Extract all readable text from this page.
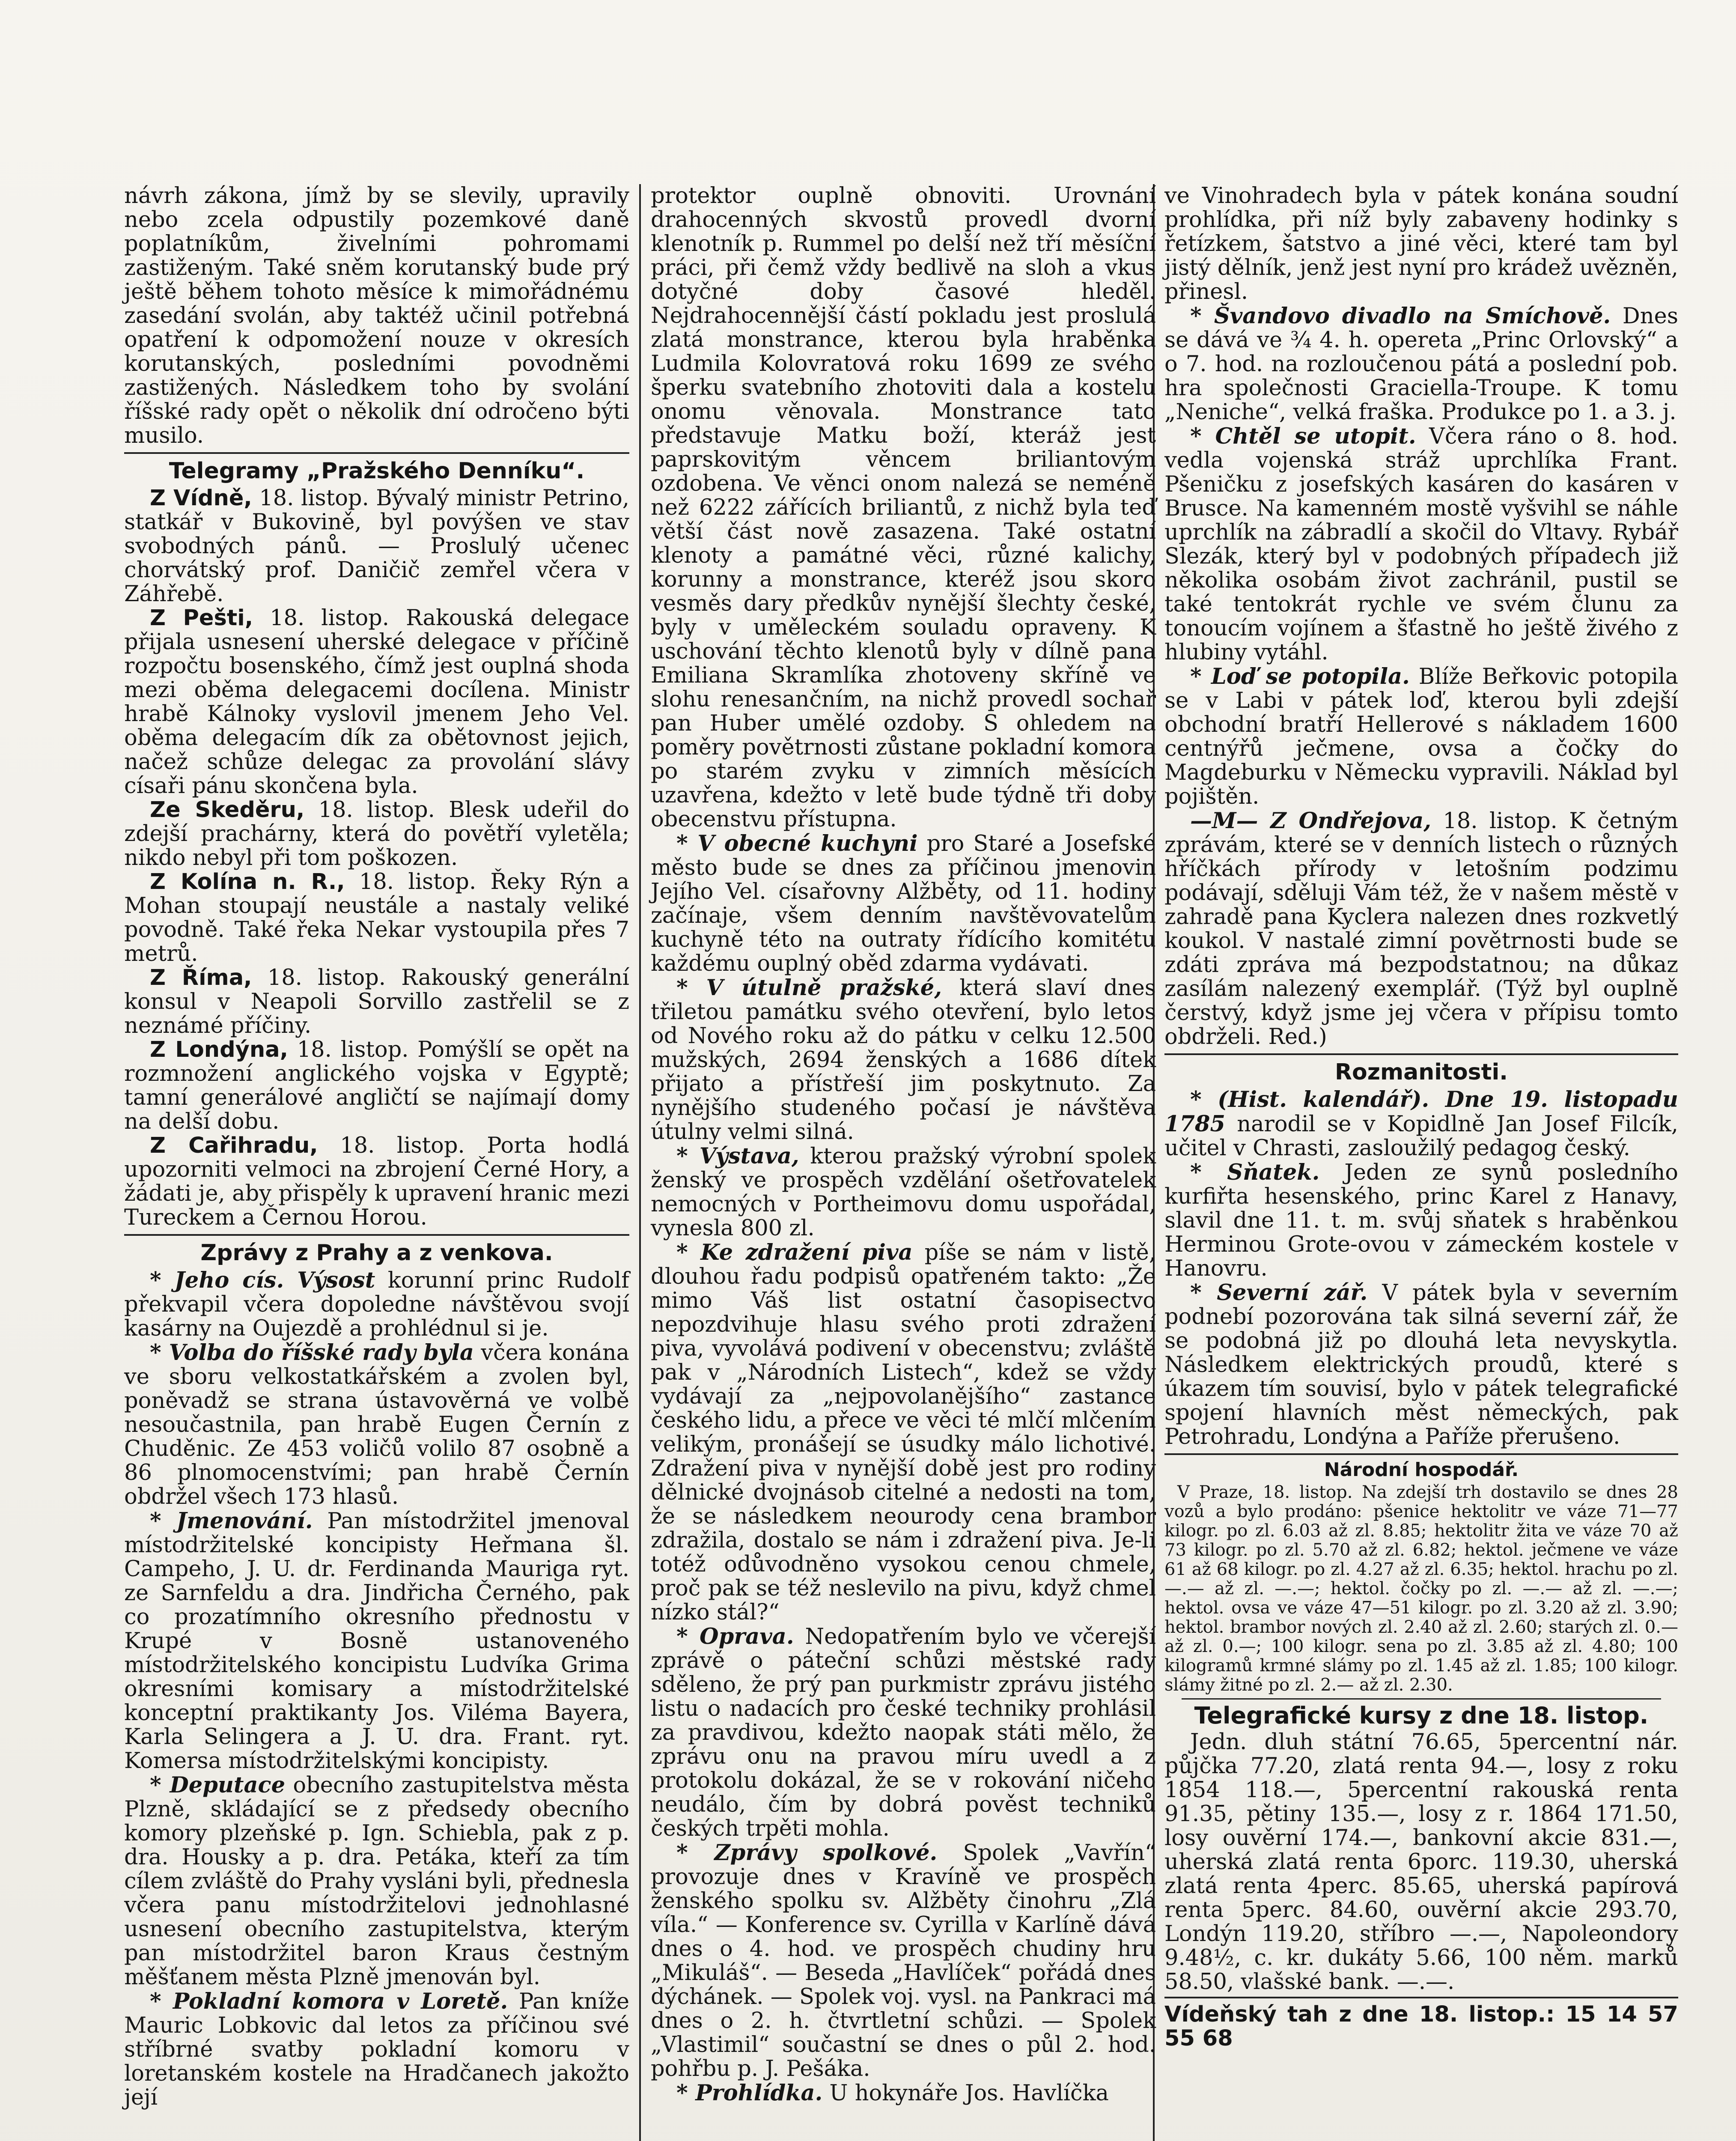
návrh zákona, jímž by se slevily, upravily nebo zcela odpustily pozemkové daně poplatníkům, živelními pohromami zastiženým. Také sněm korutanský bude prý ještě během tohoto měsíce k mimořádnému zasedání svolán, aby taktéž učinil potřebná opatření k odpomožení nouze v okresích korutanských, posledními povodněmi zastižených. Následkem toho by svolání říšské rady opět o několik dní odročeno býti musilo.

Telegramy „Pražského Denníku“.

Z Vídně, 18. listop. Bývalý ministr Petrino, statkář v Bukovině, byl povýšen ve stav svobodných pánů. — Proslulý učenec chorvátský prof. Daničič zemřel včera v Záhřebě.

Z Pešti, 18. listop. Rakouská delegace přijala usnesení uherské delegace v příčině rozpočtu bosenského, čímž jest ouplná shoda mezi oběma delegacemi docílena. Ministr hrabě Kálnoky vyslovil jmenem Jeho Vel. oběma delegacím dík za obětovnost jejich, načež schůze delegac za provolání slávy císaři pánu skončena byla.

Ze Skeděru, 18. listop. Blesk udeřil do zdejší prachárny, která do povětří vyletěla; nikdo nebyl při tom poškozen.

Z Kolína n. R., 18. listop. Řeky Rýn a Mohan stoupají neustále a nastaly veliké povodně. Také řeka Nekar vystoupila přes 7 metrů.

Z Říma, 18. listop. Rakouský generální konsul v Neapoli Sorvillo zastřelil se z neznámé příčiny.

Z Londýna, 18. listop. Pomýšlí se opět na rozmnožení anglického vojska v Egyptě; tamní generálové angličtí se najímají domy na delší dobu.

Z Cařihradu, 18. listop. Porta hodlá upozorniti velmoci na zbrojení Černé Hory, a žádati je, aby přispěly k upravení hranic mezi Tureckem a Černou Horou.

Zprávy z Prahy a z venkova.

* Jeho cís. Výsost korunní princ Rudolf překvapil včera dopoledne návštěvou svojí kasárny na Oujezdě a prohlédnul si je.

* Volba do říšské rady byla včera konána ve sboru velkostatkářském a zvolen byl, poněvadž se strana ústavověrná ve volbě nesoučastnila, pan hrabě Eugen Černín z Chuděnic. Ze 453 voličů volilo 87 osobně a 86 plnomocenstvími; pan hrabě Černín obdržel všech 173 hlasů.

* Jmenování. Pan místodržitel jmenoval místodržitelské koncipisty Heřmana šl. Campeho, J. U. dr. Ferdinanda Mauriga ryt. ze Sarnfeldu a dra. Jindřicha Černého, pak co prozatímního okresního přednostu v Krupé v Bosně ustanoveného místodržitelského koncipistu Ludvíka Grima okresními komisary a místodržitelské konceptní praktikanty Jos. Viléma Bayera, Karla Selingera a J. U. dra. Frant. ryt. Komersa místodržitelskými koncipisty.

* Deputace obecního zastupitelstva města Plzně, skládající se z předsedy obecního komory plzeňské p. Ign. Schiebla, pak z p. dra. Housky a p. dra. Petáka, kteří za tím cílem zvláště do Prahy vysláni byli, přednesla včera panu místodržitelovi jednohlasné usnesení obecního zastupitelstva, kterým pan místodržitel baron Kraus čestným měšťanem města Plzně jmenován byl.

* Pokladní komora v Loretě. Pan kníže Mauric Lobkovic dal letos za příčinou své stříbrné svatby pokladní komoru v loretanském kostele na Hradčanech jakožto její

protektor ouplně obnoviti. Urovnání drahocenných skvostů provedl dvorní klenotník p. Rummel po delší než tří měsíční práci, při čemž vždy bedlivě na sloh a vkus dotyčné doby časové hleděl. Nejdrahocennější částí pokladu jest proslulá zlatá monstrance, kterou byla hraběnka Ludmila Kolovratová roku 1699 ze svého šperku svatebního zhotoviti dala a kostelu onomu věnovala. Monstrance tato představuje Matku boží, kteráž jest paprskovitým věncem briliantovým ozdobena. Ve věnci onom nalezá se neméně než 6222 zářících briliantů, z nichž byla teď větší část nově zasazena. Také ostatní klenoty a památné věci, různé kalichy, korunny a monstrance, kteréž jsou skoro vesměs dary předkův nynější šlechty české, byly v uměleckém souladu opraveny. K uschování těchto klenotů byly v dílně pana Emiliana Skramlíka zhotoveny skříně ve slohu renesančním, na nichž provedl sochař pan Huber umělé ozdoby. S ohledem na poměry povětrnosti zůstane pokladní komora po starém zvyku v zimních měsících uzavřena, kdežto v letě bude týdně tři doby obecenstvu přístupna.

* V obecné kuchyni pro Staré a Josefské město bude se dnes za příčinou jmenovin Jejího Vel. císařovny Alžběty, od 11. hodiny začínaje, všem denním navštěvovatelům kuchyně této na outraty řídícího komitétu každému ouplný oběd zdarma vydávati.

* V útulně pražské, která slaví dnes třiletou památku svého otevření, bylo letos od Nového roku až do pátku v celku 12.500 mužských, 2694 ženských a 1686 dítek přijato a přístřeší jim poskytnuto. Za nynějšího studeného počasí je návštěva útulny velmi silná.

* Výstava, kterou pražský výrobní spolek ženský ve prospěch vzdělání ošetřovatelek nemocných v Portheimovu domu uspořádal, vynesla 800 zl.

* Ke zdražení piva píše se nám v listě, dlouhou řadu podpisů opatřeném takto: „Že mimo Váš list ostatní časopisectvo nepozdvihuje hlasu svého proti zdražení piva, vyvolává podivení v obecenstvu; zvláště pak v „Národních Listech“, kdež se vždy vydávají za „nejpovolanějšího“ zastance českého lidu, a přece ve věci té mlčí mlčením velikým, pronášejí se úsudky málo lichotivé. Zdražení piva v nynější době jest pro rodiny dělnické dvojnásob citelné a nedosti na tom, že se následkem neourody cena brambor zdražila, dostalo se nám i zdražení piva. Je-li totéž odůvodněno vysokou cenou chmele, proč pak se též neslevilo na pivu, když chmel nízko stál?“

* Oprava. Nedopatřením bylo ve včerejší zprávě o páteční schůzi městské rady sděleno, že prý pan purkmistr zprávu jistého listu o nadacích pro české techniky prohlásil za pravdivou, kdežto naopak státi mělo, že zprávu onu na pravou míru uvedl a z protokolu dokázal, že se v rokování ničeho neudálo, čím by dobrá pověst techniků českých trpěti mohla.

* Zprávy spolkové. Spolek „Vavřín“ provozuje dnes v Kravíně ve prospěch ženského spolku sv. Alžběty činohru „Zlá víla.“ — Konference sv. Cyrilla v Karlíně dává dnes o 4. hod. ve prospěch chudiny hru „Mikuláš“. — Beseda „Havlíček“ pořádá dnes dýchánek. — Spolek voj. vysl. na Pankraci má dnes o 2. h. čtvrtletní schůzi. — Spolek „Vlastimil“ součastní se dnes o půl 2. hod. pohřbu p. J. Pešáka.

* Prohlídka. U hokynáře Jos. Havlíčka

ve Vinohradech byla v pátek konána soudní prohlídka, při níž byly zabaveny hodinky s řetízkem, šatstvo a jiné věci, které tam byl jistý dělník, jenž jest nyní pro krádež uvězněn, přinesl.

* Švandovo divadlo na Smíchově. Dnes se dává ve ¾ 4. h. opereta „Princ Orlovský“ a o 7. hod. na rozloučenou pátá a poslední pob. hra společnosti Graciella-Troupe. K tomu „Neniche“, velká fraška. Produkce po 1. a 3. j.

* Chtěl se utopit. Včera ráno o 8. hod. vedla vojenská stráž uprchlíka Frant. Pšeničku z josefských kasáren do kasáren v Brusce. Na kamenném mostě vyšvihl se náhle uprchlík na zábradlí a skočil do Vltavy. Rybář Slezák, který byl v podobných případech již několika osobám život zachránil, pustil se také tentokrát rychle ve svém člunu za tonoucím vojínem a šťastně ho ještě živého z hlubiny vytáhl.

* Loď se potopila. Blíže Beřkovic potopila se v Labi v pátek loď, kterou byli zdejší obchodní bratří Hellerové s nákladem 1600 centnýřů ječmene, ovsa a čočky do Magdeburku v Německu vypravili. Náklad byl pojištěn.

—M— Z Ondřejova, 18. listop. K četným zprávám, které se v denních listech o různých hříčkách přírody v letošním podzimu podávají, sděluji Vám též, že v našem městě v zahradě pana Kyclera nalezen dnes rozkvetlý koukol. V nastalé zimní povětrnosti bude se zdáti zpráva má bezpodstatnou; na důkaz zasílám nalezený exemplář. (Týž byl ouplně čerstvý, když jsme jej včera v přípisu tomto obdrželi. Red.)

Rozmanitosti.

* (Hist. kalendář). Dne 19. listopadu 1785 narodil se v Kopidlně Jan Josef Filcík, učitel v Chrasti, zasloužilý pedagog český.

* Sňatek. Jeden ze synů posledního kurfiřta hesenského, princ Karel z Hanavy, slavil dne 11. t. m. svůj sňatek s hraběnkou Herminou Grote-ovou v zámeckém kostele v Hanovru.

* Severní zář. V pátek byla v severním podnebí pozorována tak silná severní zář, že se podobná již po dlouhá leta nevyskytla. Následkem elektrických proudů, které s úkazem tím souvisí, bylo v pátek telegrafické spojení hlavních měst německých, pak Petrohradu, Londýna a Paříže přerušeno.

Národní hospodář.

V Praze, 18. listop. Na zdejší trh dostavilo se dnes 28 vozů a bylo prodáno: pšenice hektolitr ve váze 71—77 kilogr. po zl. 6.03 až zl. 8.85; hektolitr žita ve váze 70 až 73 kilogr. po zl. 5.70 až zl. 6.82; hektol. ječmene ve váze 61 až 68 kilogr. po zl. 4.27 až zl. 6.35; hektol. hrachu po zl. —.— až zl. —.—; hektol. čočky po zl. —.— až zl. —.—; hektol. ovsa ve váze 47—51 kilogr. po zl. 3.20 až zl. 3.90; hektol. brambor nových zl. 2.40 až zl. 2.60; starých zl. 0.— až zl. 0.—; 100 kilogr. sena po zl. 3.85 až zl. 4.80; 100 kilogramů krmné slámy po zl. 1.45 až zl. 1.85; 100 kilogr. slámy žitné po zl. 2.— až zl. 2.30.

Telegrafické kursy z dne 18. listop.

Jedn. dluh státní 76.65, 5percentní nár. půjčka 77.20, zlatá renta 94.—, losy z roku 1854 118.—, 5percentní rakouská renta 91.35, pětiny 135.—, losy z r. 1864 171.50, losy ouvěrní 174.—, bankovní akcie 831.—, uherská zlatá renta 6porc. 119.30, uherská zlatá renta 4perc. 85.65, uherská papírová renta 5perc. 84.60, ouvěrní akcie 293.70, Londýn 119.20, stříbro —.—, Napoleondory 9.48½, c. kr. dukáty 5.66, 100 něm. marků 58.50, vlašské bank. —.—.

Vídeňský tah z dne 18. listop.: 15 14 57 55 68
